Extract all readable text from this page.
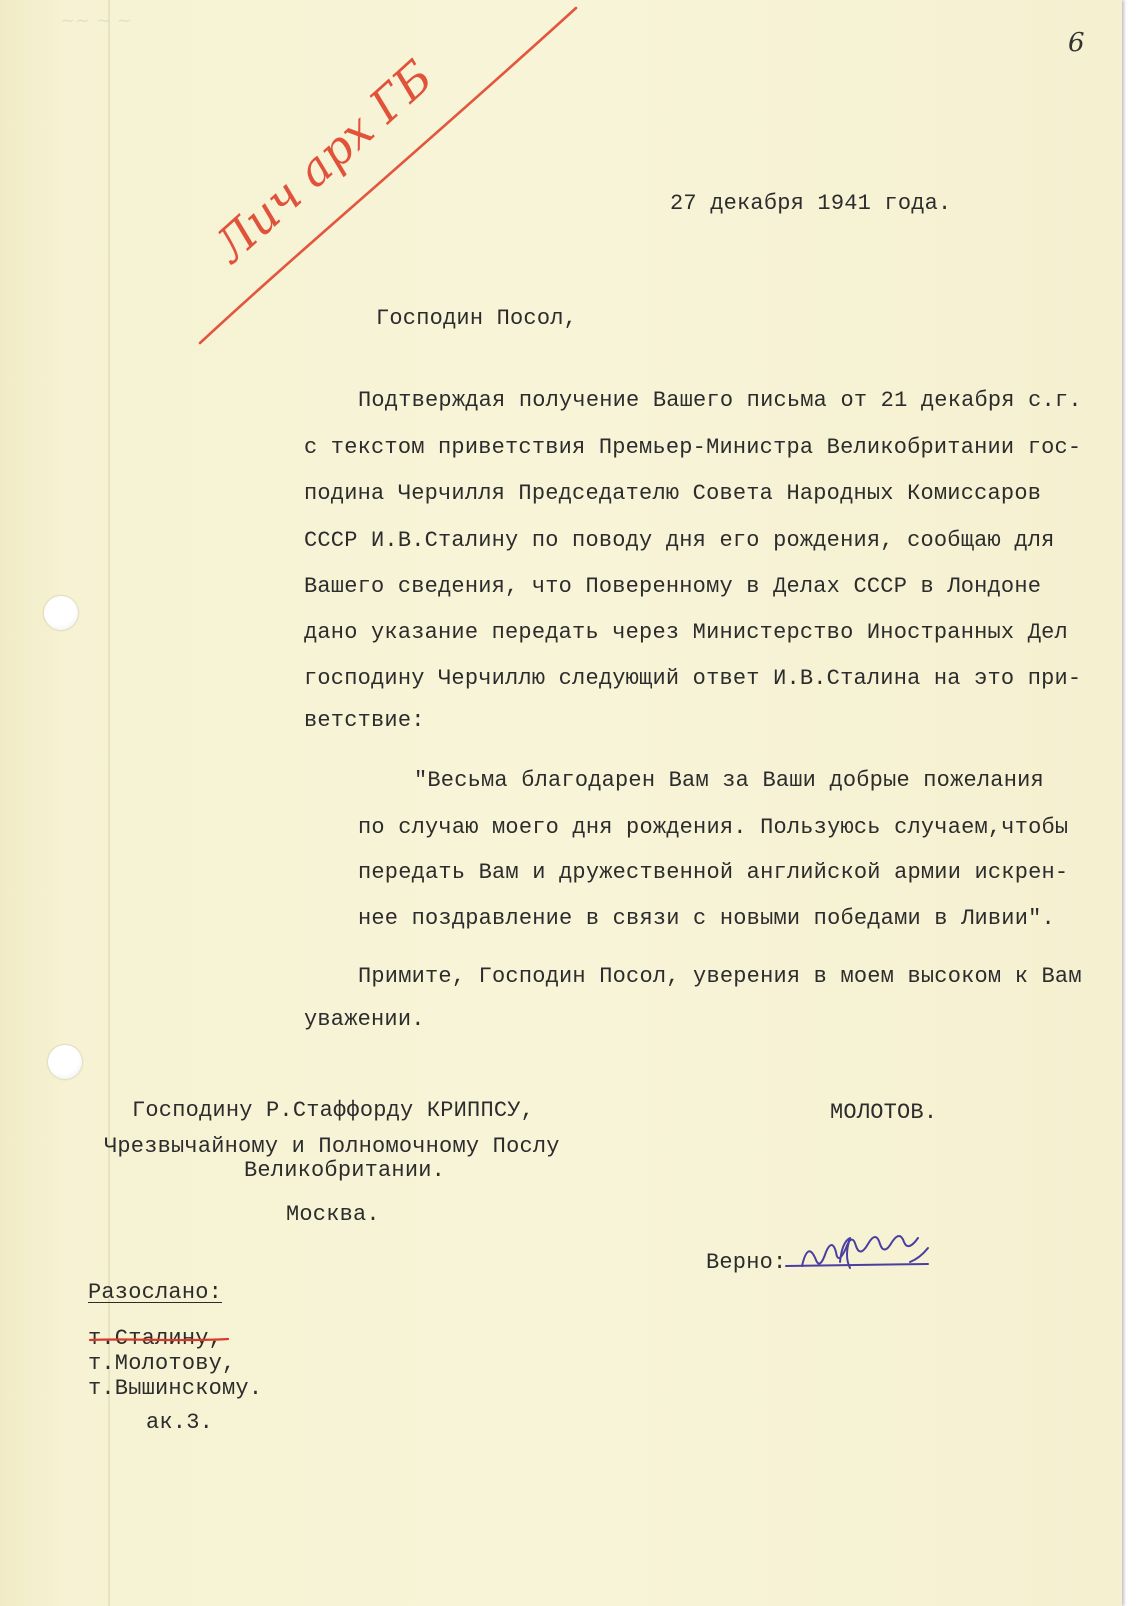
~~ ~ ~
6
27 декабря 1941 года.
Господин Посол,
Подтверждая получение Вашего письма от 21 декабря с.г.
с текстом приветствия Премьер-Министра Великобритании гос-
подина Черчилля Председателю Совета Народных Комиссаров
СССР И.В.Сталину по поводу дня его рождения, сообщаю для
Вашего сведения, что Поверенному в Делах СССР в Лондоне
дано указание передать через Министерство Иностранных Дел
господину Черчиллю следующий ответ И.В.Сталина на это при-
ветствие:
"Весьма благодарен Вам за Ваши добрые пожелания
по случаю моего дня рождения. Пользуюсь случаем,чтобы
передать Вам и дружественной английской армии искрен-
нее поздравление в связи с новыми победами в Ливии".
Примите, Господин Посол, уверения в моем высоком к Вам
уважении.
Господину Р.Стаффорду КРИППСУ,
Чрезвычайному и Полномочному Послу
Великобритании.
Москва.
МОЛОТОВ.
Верно:
Разослано:
т.Сталину,
т.Молотову,
т.Вышинскому.
ак.3.
Лич арх ГБ
